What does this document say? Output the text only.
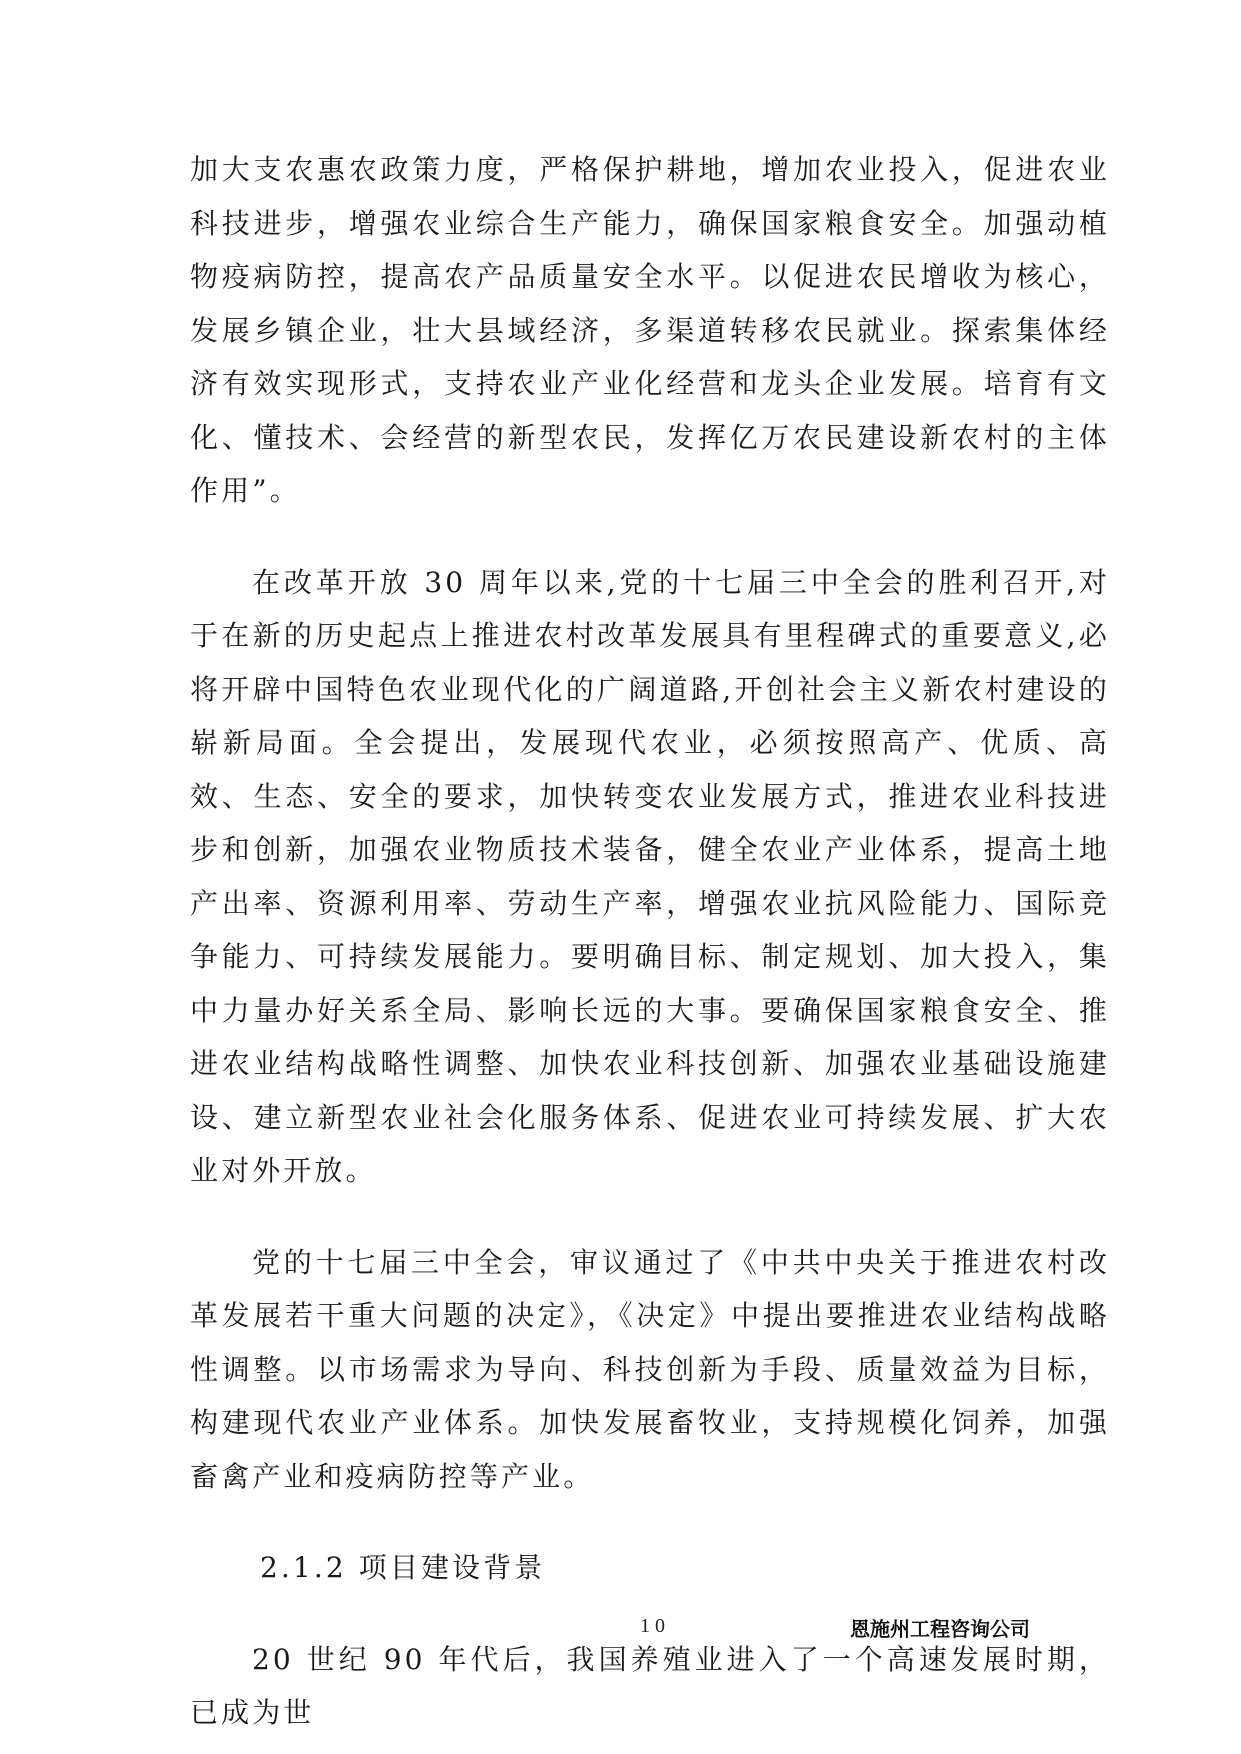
加大支农惠农政策力度，严格保护耕地，增加农业投入，促进农业科技进步，增强农业综合生产能力，确保国家粮食安全。加强动植物疫病防控，提高农产品质量安全水平。以促进农民增收为核心，发展乡镇企业，壮大县域经济，多渠道转移农民就业。探索集体经济有效实现形式，支持农业产业化经营和龙头企业发展。培育有文化、懂技术、会经营的新型农民，发挥亿万农民建设新农村的主体作用”。

在改革开放 30 周年以来,党的十七届三中全会的胜利召开,对于在新的历史起点上推进农村改革发展具有里程碑式的重要意义,必将开辟中国特色农业现代化的广阔道路,开创社会主义新农村建设的崭新局面。全会提出，发展现代农业，必须按照高产、优质、高效、生态、安全的要求，加快转变农业发展方式，推进农业科技进步和创新，加强农业物质技术装备，健全农业产业体系，提高土地产出率、资源利用率、劳动生产率，增强农业抗风险能力、国际竞争能力、可持续发展能力。要明确目标、制定规划、加大投入，集中力量办好关系全局、影响长远的大事。要确保国家粮食安全、推进农业结构战略性调整、加快农业科技创新、加强农业基础设施建设、建立新型农业社会化服务体系、促进农业可持续发展、扩大农业对外开放。

党的十七届三中全会，审议通过了《中共中央关于推进农村改革发展若干重大问题的决定》，《决定》中提出要推进农业结构战略性调整。以市场需求为导向、科技创新为手段、质量效益为目标，构建现代农业产业体系。加快发展畜牧业，支持规模化饲养，加强畜禽产业和疫病防控等产业。

2.1.2 项目建设背景

20 世纪 90 年代后，我国养殖业进入了一个高速发展时期，已成为世

10	恩施州工程咨询公司
